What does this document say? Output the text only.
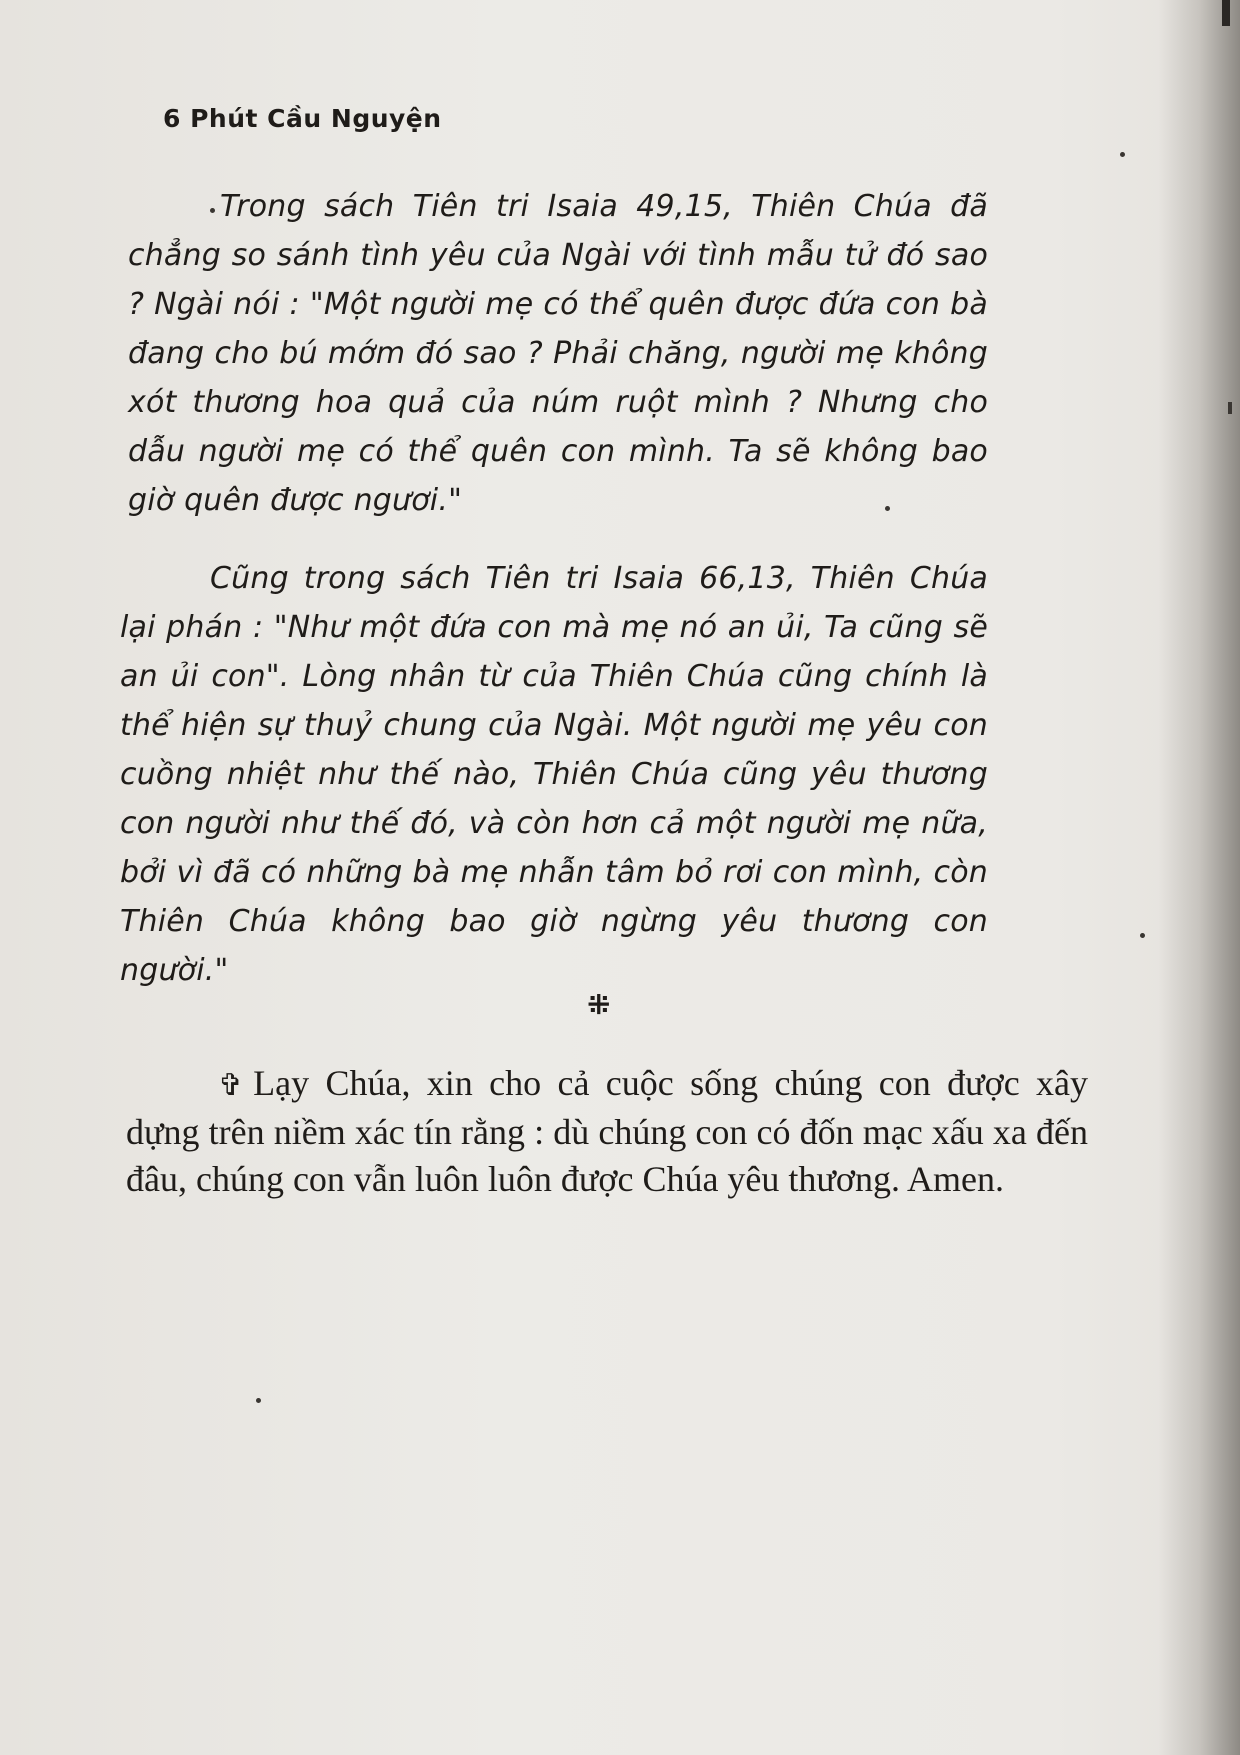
6 Phút Cầu Nguyện

Trong sách Tiên tri Isaia 49,15, Thiên Chúa đã chẳng so sánh tình yêu của Ngài với tình mẫu tử đó sao ? Ngài nói : "Một người mẹ có thể quên được đứa con bà đang cho bú mớm đó sao ? Phải chăng, người mẹ không xót thương hoa quả của núm ruột mình ? Nhưng cho dẫu người mẹ có thể quên con mình. Ta sẽ không bao giờ quên được ngươi."

Cũng trong sách Tiên tri Isaia 66,13, Thiên Chúa lại phán : "Như một đứa con mà mẹ nó an ủi, Ta cũng sẽ an ủi con". Lòng nhân từ của Thiên Chúa cũng chính là thể hiện sự thuỷ chung của Ngài. Một người mẹ yêu con cuồng nhiệt như thế nào, Thiên Chúa cũng yêu thương con người như thế đó, và còn hơn cả một người mẹ nữa, bởi vì đã có những bà mẹ nhẫn tâm bỏ rơi con mình, còn Thiên Chúa không bao giờ ngừng yêu thương con người."

⁜

✞ Lạy Chúa, xin cho cả cuộc sống chúng con được xây dựng trên niềm xác tín rằng : dù chúng con có đốn mạc xấu xa đến đâu, chúng con vẫn luôn luôn được Chúa yêu thương. Amen.
